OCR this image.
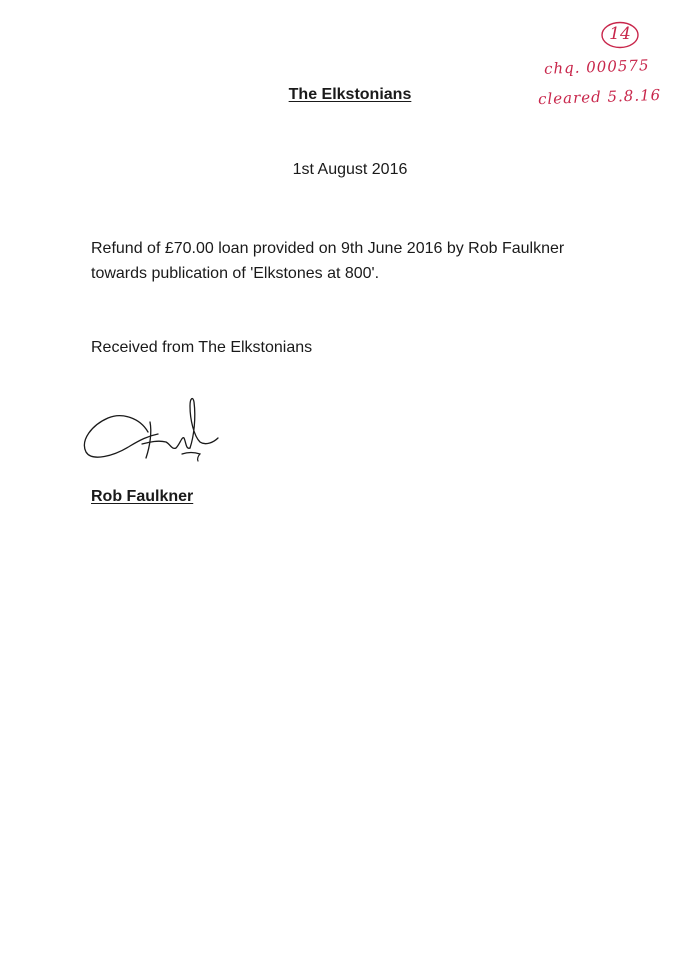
14
chq. 000575
cleared 5.8.16

The Elkstonians

1st August 2016

Refund of £70.00 loan provided on 9th June 2016 by Rob Faulkner
towards publication of 'Elkstones at 800'.

Received from The Elkstonians

Rob Faulkner
